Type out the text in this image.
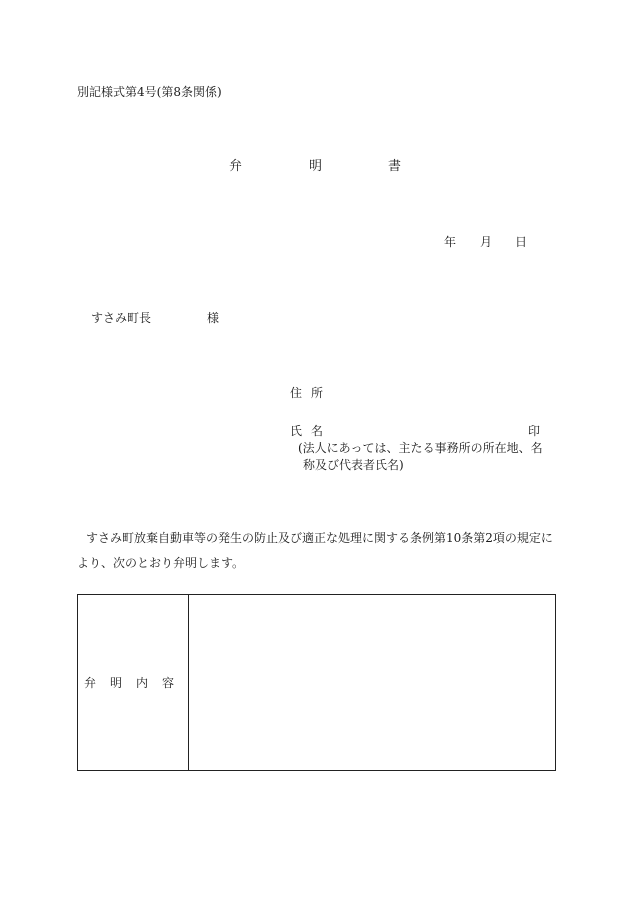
別記様式第4号(第8条関係)
弁	明	書
年 月 日
すさみ町長	様
住所
氏名	印
(法人にあっては、主たる事務所の所在地、名
称及び代表者氏名)
すさみ町放棄自動車等の発生の防止及び適正な処理に関する条例第10条第2項の規定に
より、次のとおり弁明します。
弁明内容
